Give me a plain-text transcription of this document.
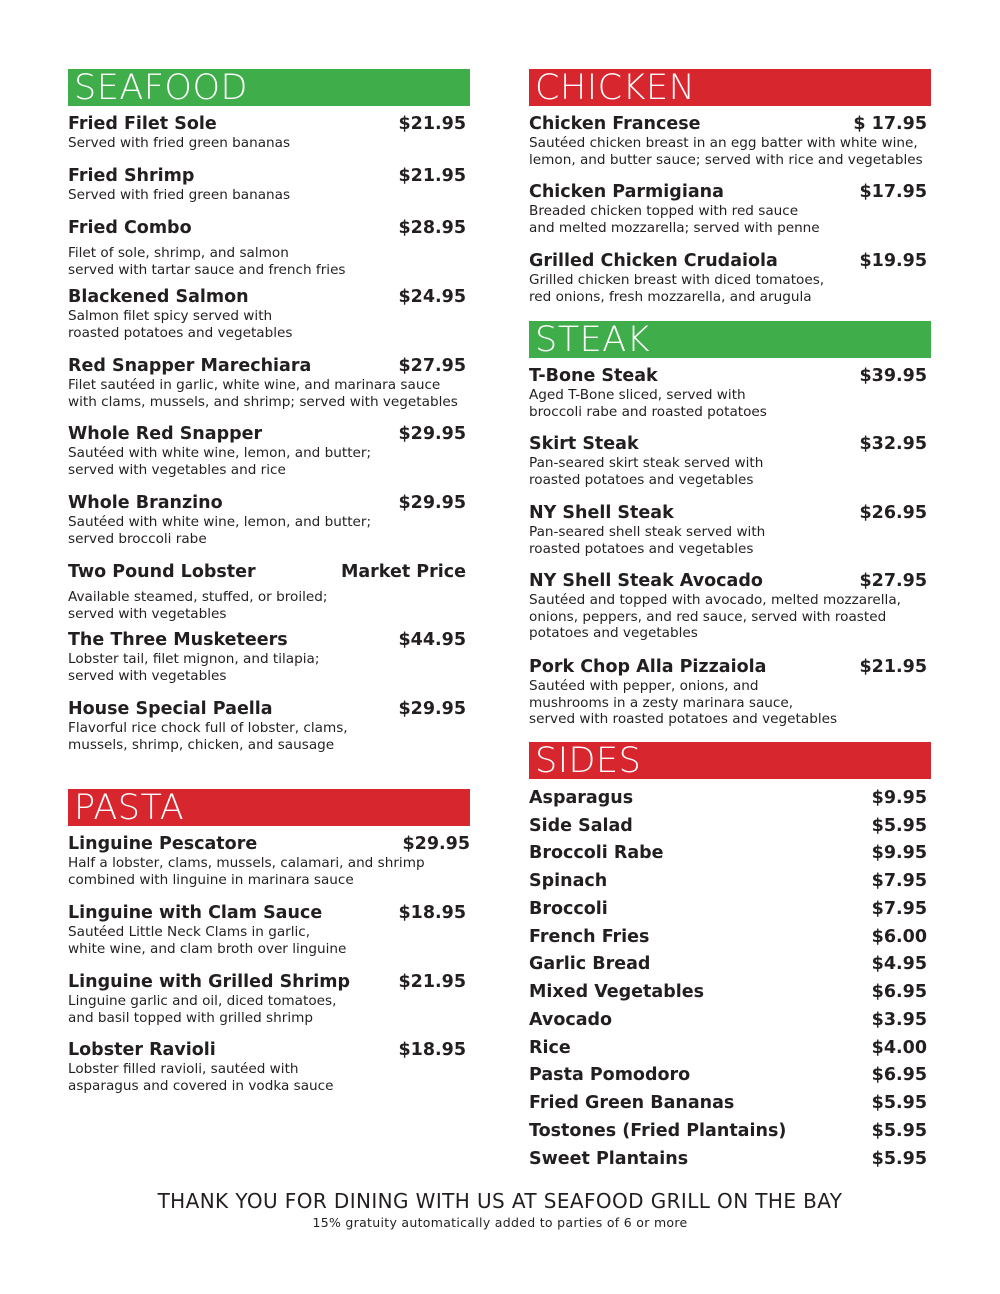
SEAFOOD
Fried Filet Sole	$21.95
Served with fried green bananas
Fried Shrimp	$21.95
Served with fried green bananas
Fried Combo	$28.95
Filet of sole, shrimp, and salmon
served with tartar sauce and french fries
Blackened Salmon	$24.95
Salmon filet spicy served with
roasted potatoes and vegetables
Red Snapper Marechiara	$27.95
Filet sautéed in garlic, white wine, and marinara sauce
with clams, mussels, and shrimp; served with vegetables
Whole Red Snapper	$29.95
Sautéed with white wine, lemon, and butter;
served with vegetables and rice
Whole Branzino	$29.95
Sautéed with white wine, lemon, and butter;
served broccoli rabe
Two Pound Lobster	Market Price
Available steamed, stuffed, or broiled;
served with vegetables
The Three Musketeers	$44.95
Lobster tail, filet mignon, and tilapia;
served with vegetables
House Special Paella	$29.95
Flavorful rice chock full of lobster, clams,
mussels, shrimp, chicken, and sausage
PASTA
Linguine Pescatore	$29.95
Half a lobster, clams, mussels, calamari, and shrimp
combined with linguine in marinara sauce
Linguine with Clam Sauce	$18.95
Sautéed Little Neck Clams in garlic,
white wine, and clam broth over linguine
Linguine with Grilled Shrimp	$21.95
Linguine garlic and oil, diced tomatoes,
and basil topped with grilled shrimp
Lobster Ravioli	$18.95
Lobster filled ravioli, sautéed with
asparagus and covered in vodka sauce
CHICKEN
Chicken Francese	$ 17.95
Sautéed chicken breast in an egg batter with white wine,
lemon, and butter sauce; served with rice and vegetables
Chicken Parmigiana	$17.95
Breaded chicken topped with red sauce
and melted mozzarella; served with penne
Grilled Chicken Crudaiola	$19.95
Grilled chicken breast with diced tomatoes,
red onions, fresh mozzarella, and arugula
STEAK
T-Bone Steak	$39.95
Aged T-Bone sliced, served with
broccoli rabe and roasted potatoes
Skirt Steak	$32.95
Pan-seared skirt steak served with
roasted potatoes and vegetables
NY Shell Steak	$26.95
Pan-seared shell steak served with
roasted potatoes and vegetables
NY Shell Steak Avocado	$27.95
Sautéed and topped with avocado, melted mozzarella,
onions, peppers, and red sauce, served with roasted
potatoes and vegetables
Pork Chop Alla Pizzaiola	$21.95
Sautéed with pepper, onions, and
mushrooms in a zesty marinara sauce,
served with roasted potatoes and vegetables
SIDES
Asparagus	$9.95
Side Salad	$5.95
Broccoli Rabe	$9.95
Spinach	$7.95
Broccoli	$7.95
French Fries	$6.00
Garlic Bread	$4.95
Mixed Vegetables	$6.95
Avocado	$3.95
Rice	$4.00
Pasta Pomodoro	$6.95
Fried Green Bananas	$5.95
Tostones (Fried Plantains)	$5.95
Sweet Plantains	$5.95
THANK YOU FOR DINING WITH US AT SEAFOOD GRILL ON THE BAY
15% gratuity automatically added to parties of 6 or more
